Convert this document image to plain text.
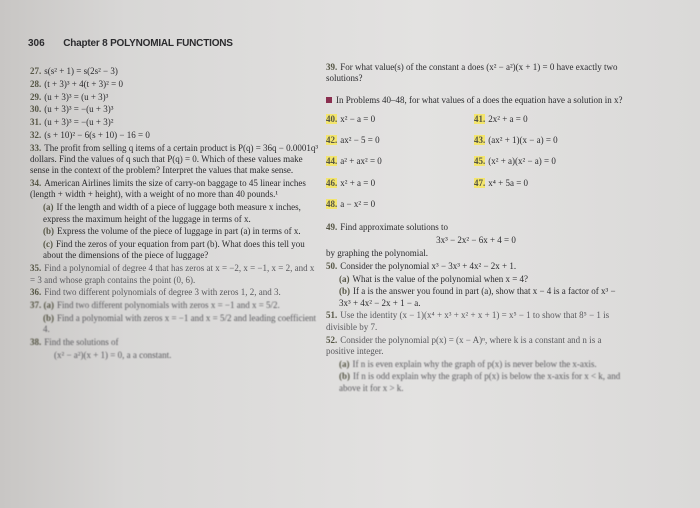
306 Chapter 8 POLYNOMIAL FUNCTIONS
27. s(s² + 1) = s(2s² − 3)
28. (t + 3)³ + 4(t + 3)² = 0
29. (u + 3)³ = (u + 3)³
30. (u + 3)³ = −(u + 3)³
31. (u + 3)³ = −(u + 3)²
32. (s + 10)² − 6(s + 10) − 16 = 0
33. The profit from selling q items of a certain product is P(q) = 36q − 0.0001q³ dollars. Find the values of q such that P(q) = 0. Which of these values make sense in the context of the problem? Interpret the values that make sense.
34. American Airlines limits the size of carry-on baggage to 45 linear inches (length + width + height), with a weight of no more than 40 pounds.¹
(a) If the length and width of a piece of luggage both measure x inches, express the maximum height of the luggage in terms of x.
(b) Express the volume of the piece of luggage in part (a) in terms of x.
(c) Find the zeros of your equation from part (b). What does this tell you about the dimensions of the piece of luggage?
35. Find a polynomial of degree 4 that has zeros at x = −2, x = −1, x = 2, and x = 3 and whose graph contains the point (0, 6).
36. Find two different polynomials of degree 3 with zeros 1, 2, and 3.
37. (a) Find two different polynomials with zeros x = −1 and x = 5/2.
(b) Find a polynomial with zeros x = −1 and x = 5/2 and leading coefficient 4.
38. Find the solutions of
(x² − a²)(x + 1) = 0, a a constant.
39. For what value(s) of the constant a does (x² − a²)(x + 1) = 0 have exactly two solutions?
In Problems 40–48, for what values of a does the equation have a solution in x?
40. x² − a = 0	41. 2x² + a = 0
42. ax² − 5 = 0	43. (ax² + 1)(x − a) = 0
44. a² + ax² = 0	45. (x² + a)(x² − a) = 0
46. x² + a = 0	47. x⁴ + 5a = 0
48. a − x² = 0
49. Find approximate solutions to
3x³ − 2x² − 6x + 4 = 0
by graphing the polynomial.
50. Consider the polynomial x³ − 3x³ + 4x² − 2x + 1.
(a) What is the value of the polynomial when x = 4?
(b) If a is the answer you found in part (a), show that x − 4 is a factor of x³ − 3x³ + 4x² − 2x + 1 − a.
51. Use the identity (x − 1)(x⁴ + x³ + x² + x + 1) = x⁵ − 1 to show that 8⁵ − 1 is divisible by 7.
52. Consider the polynomial p(x) = (x − A)ⁿ, where k is a constant and n is a positive integer.
(a) If n is even explain why the graph of p(x) is never below the x-axis.
(b) If n is odd explain why the graph of p(x) is below the x-axis for x < k, and above it for x > k.
